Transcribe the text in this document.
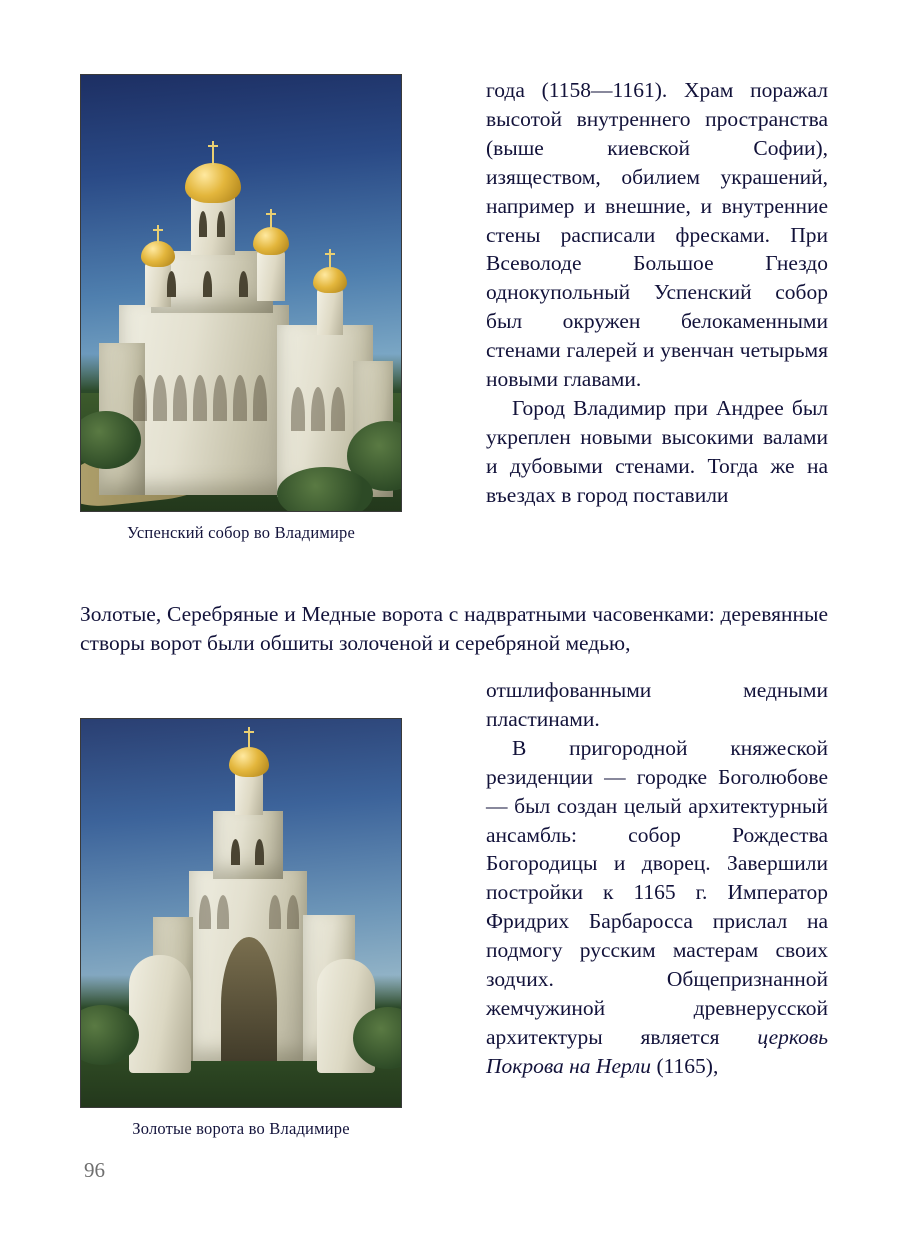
Успенский собор во Владимире
Золотые ворота во Владимире

года (1158—1161). Храм поражал высотой внутреннего пространства (выше киевской Софии), изяществом, обилием украшений, например и внешние, и внутренние стены расписали фресками. При Всеволоде Большое Гнездо однокупольный Успенский собор был окружен белокаменными стенами галерей и увенчан четырьмя новыми главами.

Город Владимир при Андрее был укреплен новыми высокими валами и дубовыми стенами. Тогда же на въездах в город поставили

Золотые, Серебряные и Медные ворота с надвратными часовенками: деревянные створы ворот были обшиты золоченой и серебряной медью,

отшлифованными медными пластинами.

В пригородной княжеской резиденции — городке Боголюбове — был создан целый архитектурный ансамбль: собор Рождества Богородицы и дворец. Завершили постройки к 1165 г. Император Фридрих Барбаросса прислал на подмогу русским мастерам своих зодчих. Общепризнанной жемчужиной древнерусской архитектуры является церковь Покрова на Нерли (1165),

96
